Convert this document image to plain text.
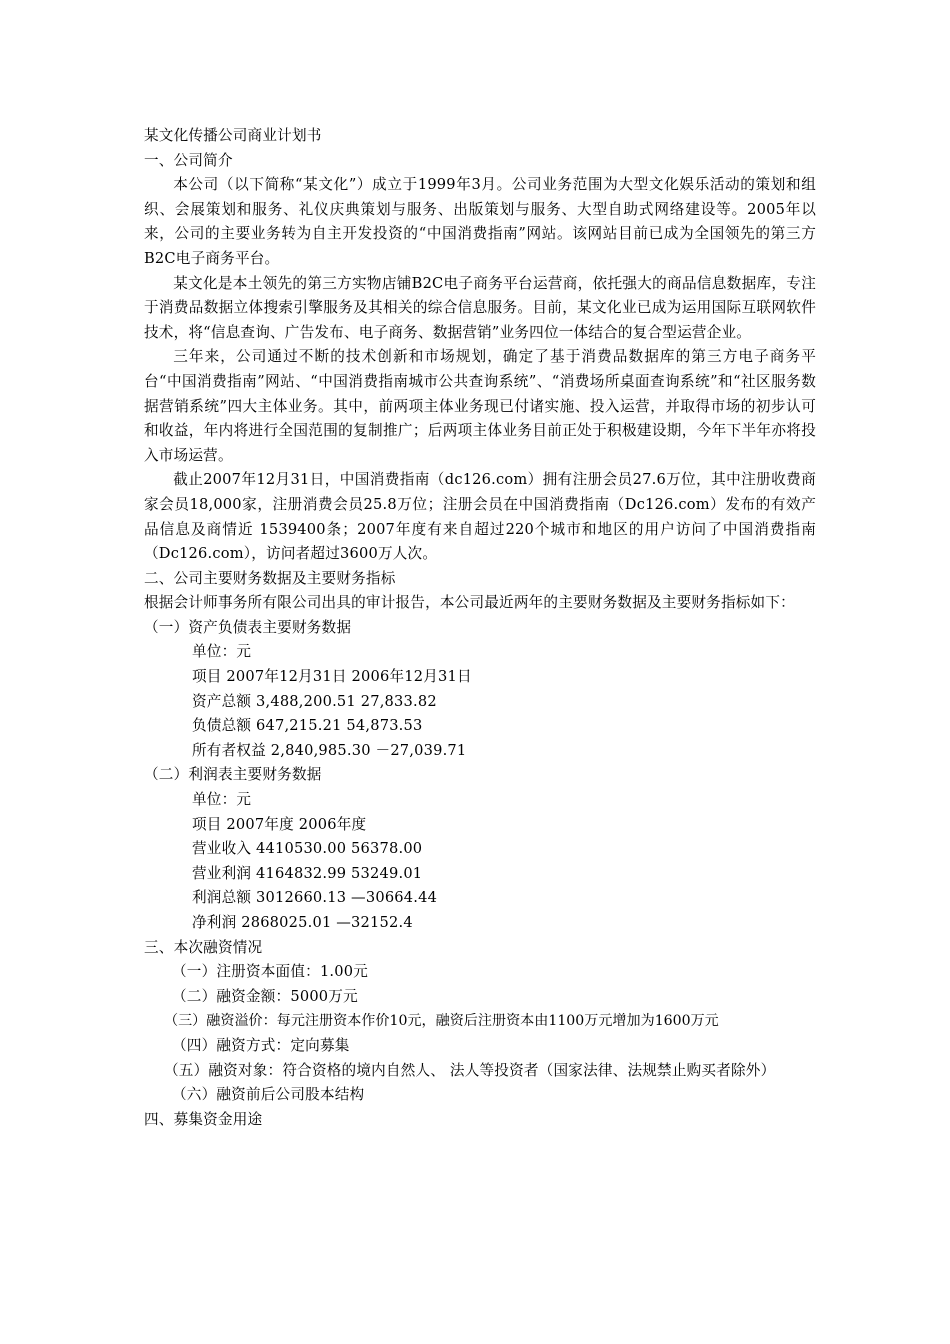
某文化传播公司商业计划书
一、公司简介
本公司（以下简称“某文化”）成立于1999年3月。公司业务范围为大型文化娱乐活动的策划和组织、会展策划和服务、礼仪庆典策划与服务、出版策划与服务、大型自助式网络建设等。2005年以来，公司的主要业务转为自主开发投资的“中国消费指南”网站。该网站目前已成为全国领先的第三方B2C电子商务平台。
某文化是本土领先的第三方实物店铺B2C电子商务平台运营商，依托强大的商品信息数据库，专注于消费品数据立体搜索引擎服务及其相关的综合信息服务。目前，某文化业已成为运用国际互联网软件技术，将“信息查询、广告发布、电子商务、数据营销”业务四位一体结合的复合型运营企业。
三年来，公司通过不断的技术创新和市场规划，确定了基于消费品数据库的第三方电子商务平台“中国消费指南”网站、“中国消费指南城市公共查询系统”、“消费场所桌面查询系统”和“社区服务数据营销系统”四大主体业务。其中，前两项主体业务现已付诸实施、投入运营，并取得市场的初步认可和收益，年内将进行全国范围的复制推广；后两项主体业务目前正处于积极建设期，今年下半年亦将投入市场运营。
截止2007年12月31日，中国消费指南（dc126.com）拥有注册会员27.6万位，其中注册收费商家会员18,000家，注册消费会员25.8万位；注册会员在中国消费指南（Dc126.com）发布的有效产品信息及商情近 1539400条；2007年度有来自超过220个城市和地区的用户访问了中国消费指南（Dc126.com），访问者超过3600万人次。
二、公司主要财务数据及主要财务指标
根据会计师事务所有限公司出具的审计报告，本公司最近两年的主要财务数据及主要财务指标如下：
（一）资产负债表主要财务数据
单位：元
项目 2007年12月31日 2006年12月31日
资产总额 3,488,200.51 27,833.82
负债总额 647,215.21 54,873.53
所有者权益 2,840,985.30 －27,039.71
（二）利润表主要财务数据
单位：元
项目 2007年度 2006年度
营业收入 4410530.00 56378.00
营业利润 4164832.99 53249.01
利润总额 3012660.13 —30664.44
净利润 2868025.01 —32152.4
三、本次融资情况
（一）注册资本面值：1.00元
（二）融资金额：5000万元
（三）融资溢价：每元注册资本作价10元，融资后注册资本由1100万元增加为1600万元
（四）融资方式：定向募集
（五）融资对象：符合资格的境内自然人、 法人等投资者（国家法律、法规禁止购买者除外）
（六）融资前后公司股本结构
四、募集资金用途
